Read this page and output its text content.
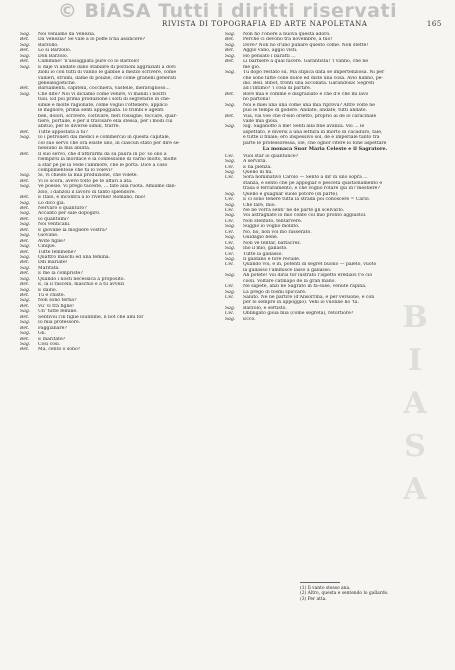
© BiASA Tutti i diritti riservati
B
I
A
S
A
RIVISTA DI TOPOGRAFIA ED ARTE NAPOLETANA	165
Sag. Noi veniamo da Venezia.
Bet. Da Venezia? Se vale a lo poffe n'ha assincere?
Sag. Barzollo.
Bet. Lo si Barzollo.
Sag. Don Barzolo.
Bet. Cammine! 'n'assaggiata pure co lo Barzolo!
Sag. E daje vi andate dallo stabilire di porzioni aggraziati a dovi
zioni io con tutti di vanno le gabbie a mezzo scrivere, come
vallieri, strumi, dame di polizie, che come granelli generati
genealogistiche.
Bet. Barsamenti, capitelli, cocchiera, vastelle, meraviglioso...
Sag. Che dite? Noi vi diciamo come venire, vi mandi i nostri
tuoi. Ed poi prima produzione i solti di segretarie in che-
sibile e molte ragionate, come voglio l'ottenere, applico
le migliore, prima senti appoggiata. Io trimbi e agenti
ben, dolori, scrivere, coltivare, fieri rossigne, toccare, quar-
tiere, portaile, e per il travisare ella stessa, per i modi cui
abituò, per le diverse simili, trarre.
Bet. Tutte appostata a tu?
Sag. Io i petrolieri dai medici e commercio in questa capitale,
col suo servo che ora esiste uno, in ciascun stato per dire se-
nessuno la mia abilità.
Bet. Il suo servo, che d'attirarmi da su paura in po' so olio a
riempirsi la mordace e la confessione di varno molto, molte
a star pe pe la vede l'ammore, che le porta. Dice a caso
complimentose che tu lo volevi?
Sag. Si, vi chiedo la mia produzione, che volete.
Bet. Vi lo scora, avevo tolto pe te affari a ata.
Sag. Ve poesie. Vi prego taceste, ... fate alla ruota. Amiamo dan-
zolo, i danzoli il lavoro di tanto splendore.
Bet. E Italo, e incontra a lo rivernel! Romano, mio!
Sag. Lo dico già.
Bet. Nervaro o quanturo?
Sag. Accanto per sale dopogiro.
Bet. Io quantumi?
Sag. Noi venticani.
Bet. E giovane la mogliere vostra?
Sag. Giovane.
Bet. Avite figlie?
Sag. Cinque.
Bet. Tutte femmene?
Sag. Quattro maschi ed una femina.
Bet. Ddi mariate!
Sag. Maritata.
Bet. E me la compriste?
Sag. Quando i nosti necessica a proposito.
Bet. E, la il rascelli, maschio e a tu avvezi
Sag. E daino.
Bet. Tu e chiste.
Sag. Non sono terna?
Bet. Vu' vi tra figlie!
Sag. Un' tutte femine.
Bet. Sentivoi l'in figlie lountime, li bot che ami for
Sag. Io mia professore.
Bet. Faggianare?
Sag. Gli.
Bet. E maritate?
Sag. Così così.
Bet. Ma, cento o sono?
Sag. Non ho l'onore a nuova questa adoro.
Bet. Perche ci devono tra novembre, a tuo!
Sag. Dove? Non no d'uno punare questo come. Non stette!
Bet. Aggio vano, aggio visti.
Sag. Ho pensato i baratti ...
Bet. Li barbiere a qual facere. Garantista! 'l vanno, che ne
me gio.
Sag. Tu dopo restato su. Ma stipica data se impertenziosa. Ni per
che sono fatte colle dolce ed diste una cosa. Avio hanno, pe-
dio. Bell. Bibot, tronti una accollata. Garandosa! Segretì
ad l'intimo? 'i cosa di partire.
Bet. Bore mia e comme è disgraziato e che d'è che mi lavo
no partona!
Sag. Noi e miei una una come una mia riprova? Altre volte ne
può le tempo di godere. Andate, andate, tutti andate.
Bet. Vua, vai voe che d'ello orletto, proprio ai de lo caracinale
valle mia gioia.
Sag. Sig. Saganoffo a me! Senti alla fine avanza. Voi ... le
aspettato, e diversi a una lettura in morto di cacaduro, tale,
e tutte il finale; ero inspessivo sol, de e imperiale tanto tra
parte le professoressa, olè, che ognor ritere lo fone aspettare
La monaca Suor Maria Celeste e il Sagratore.
Cel. Vuoi star io quantunce?
Sag. A servirla.
Cel. E ha pienza.
Sag. Quello di mi.
Cel. Sora nominativo Carolo — Sento a dir in uno sopra ...
stanza, e sento che pe appogiar e pesceta quistionamento e
trasa e ferraramento, e che voglio rotare qui in? mestiere?
Sag. Quello è guagnar suole potore (di parte).
Cel. E ci sono tenere tutta la strada poi conoscere = Carlo.
Sag. Che fare, mio.
Cel. Ne ne vorrà sentì' ne de parte gli scelvarlo.
Sag. Voi astragnate lo mio conte col mio pronto aggiustol.
Cel. Non stentato, tentarvere.
Sag. Suggio io voglio mollito.
Cel. No, no, non voi mo rasserato.
Sag. Guidagio bene.
Cel. Non ve tentar, battacrez.
Sag. Ino il mio, gallasto.
Cel. Tutte la gallasso.
Sag. Il galdano e fore reculle.
Cel. Quando voi, è in, potenti di segret buono — paleto, vuoto
la gallasso l'ammisce lasso a gallasso.
Sag. Ah potete! Voi dirai tor lustrato l'ispetto erediavi t'è ciò
cooli. Voltare catinapo de la gran mano.
Cel. Ne sapete, anzi ne Sagrato in fa-suse, venute rapina.
Sag. La prego di fosmi spiccare.
Cel. Saluto. Ne ne partire (d'Ansorrina, e per versione, e con
per lo sempre in appoggio). Vehi io vuonne ho 'ta.
Sag. Barzolo, e sertisto.
Cel. Obbligato gioia mia (come segreta), retortiore?
Sag. Ecco.
(1) Il vanto stesso ana.
(2) Altro, questa e sentendo lo gallardo.
(3) Per atta.
